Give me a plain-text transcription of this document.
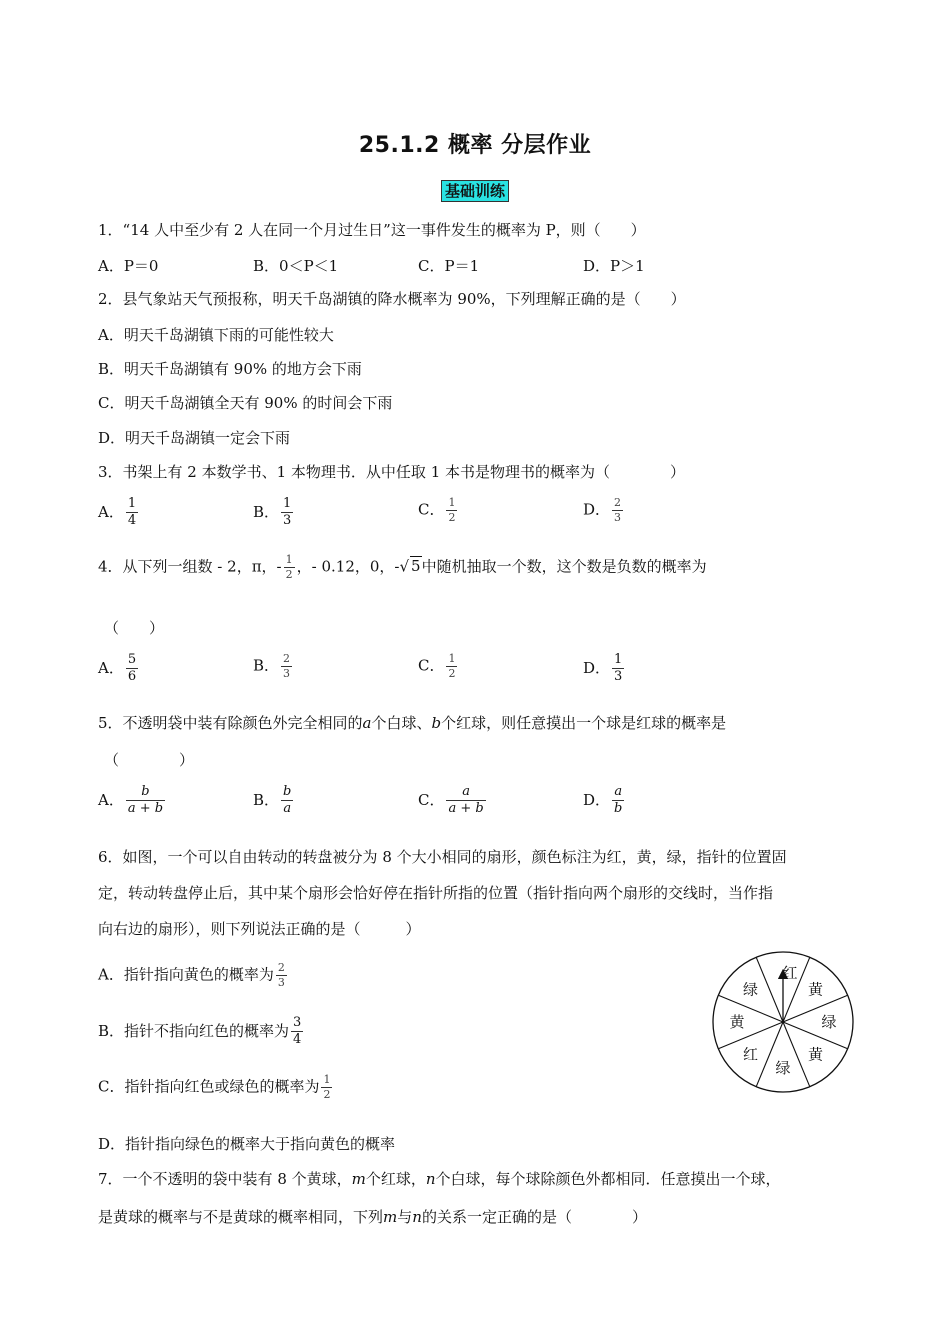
25.1.2 概率 分层作业
基础训练
1．“14 人中至少有 2 人在同一个月过生日”这一事件发生的概率为 P，则（　　）
A．P＝0	B．0＜P＜1	C．P＝1	D．P＞1
2．县气象站天气预报称，明天千岛湖镇的降水概率为 90%，下列理解正确的是（　　）
A．明天千岛湖镇下雨的可能性较大
B．明天千岛湖镇有 90% 的地方会下雨
C．明天千岛湖镇全天有 90% 的时间会下雨
D．明天千岛湖镇一定会下雨
3．书架上有 2 本数学书、1 本物理书．从中任取 1 本书是物理书的概率为（　　　　）
A． $\frac{1}{4}$	B． $\frac{1}{3}$	C． $\frac{1}{2}$	D． $\frac{2}{3}$
4．从下列一组数 - 2，π，- $\frac{1}{2}$ ，- 0.12，0，-√ 5中随机抽取一个数，这个数是负数的概率为
（　　）
A． $\frac{5}{6}$	B． $\frac{2}{3}$	C． $\frac{1}{2}$	D． $\frac{1}{3}$
5．不透明袋中装有除颜色外完全相同的a个白球、b个红球，则任意摸出一个球是红球的概率是
（　　　　）
A． $\frac{b}{a + b}$	B． $\frac{b}{a}$	C． $\frac{a}{a + b}$	D． $\frac{a}{b}$
6．如图，一个可以自由转动的转盘被分为 8 个大小相同的扇形，颜色标注为红，黄，绿，指针的位置固
定，转动转盘停止后，其中某个扇形会恰好停在指针所指的位置（指针指向两个扇形的交线时，当作指
向右边的扇形），则下列说法正确的是（　　　）
A．指针指向黄色的概率为 $\frac{2}{3}$
B．指针不指向红色的概率为 $\frac{3}{4}$
C．指针指向红色或绿色的概率为 $\frac{1}{2}$
D．指针指向绿色的概率大于指向黄色的概率
红
黄
绿
黄
绿
红
黄
绿
7．一个不透明的袋中装有 8 个黄球，m个红球，n个白球，每个球除颜色外都相同．任意摸出一个球，
是黄球的概率与不是黄球的概率相同，下列m与n的关系一定正确的是（　　　　）
